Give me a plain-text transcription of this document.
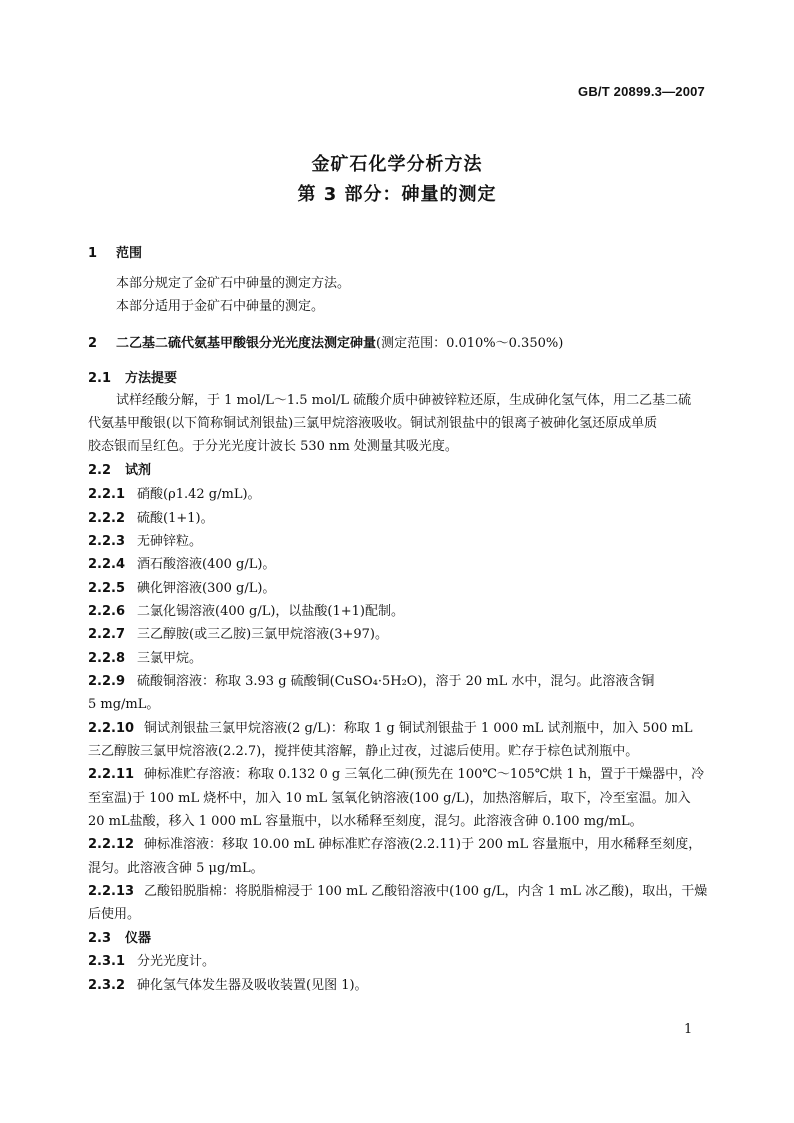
GB/T 20899.3—2007
金矿石化学分析方法
第 3 部分：砷量的测定
1 范围
本部分规定了金矿石中砷量的测定方法。
本部分适用于金矿石中砷量的测定。
2 二乙基二硫代氨基甲酸银分光光度法测定砷量(测定范围：0.010%～0.350%)
2.1 方法提要
试样经酸分解，于 1 mol/L～1.5 mol/L 硫酸介质中砷被锌粒还原，生成砷化氢气体，用二乙基二硫
代氨基甲酸银(以下简称铜试剂银盐)三氯甲烷溶液吸收。铜试剂银盐中的银离子被砷化氢还原成单质
胶态银而呈红色。于分光光度计波长 530 nm 处测量其吸光度。
2.2 试剂
2.2.1 硝酸(ρ1.42 g/mL)。
2.2.2 硫酸(1+1)。
2.2.3 无砷锌粒。
2.2.4 酒石酸溶液(400 g/L)。
2.2.5 碘化钾溶液(300 g/L)。
2.2.6 二氯化锡溶液(400 g/L)，以盐酸(1+1)配制。
2.2.7 三乙醇胺(或三乙胺)三氯甲烷溶液(3+97)。
2.2.8 三氯甲烷。
2.2.9 硫酸铜溶液：称取 3.93 g 硫酸铜(CuSO₄·5H₂O)，溶于 20 mL 水中，混匀。此溶液含铜
5 mg/mL。
2.2.10 铜试剂银盐三氯甲烷溶液(2 g/L)：称取 1 g 铜试剂银盐于 1 000 mL 试剂瓶中，加入 500 mL
三乙醇胺三氯甲烷溶液(2.2.7)，搅拌使其溶解，静止过夜，过滤后使用。贮存于棕色试剂瓶中。
2.2.11 砷标准贮存溶液：称取 0.132 0 g 三氧化二砷(预先在 100℃～105℃烘 1 h，置于干燥器中，冷
至室温)于 100 mL 烧杯中，加入 10 mL 氢氧化钠溶液(100 g/L)，加热溶解后，取下，冷至室温。加入
20 mL盐酸，移入 1 000 mL 容量瓶中，以水稀释至刻度，混匀。此溶液含砷 0.100 mg/mL。
2.2.12 砷标准溶液：移取 10.00 mL 砷标准贮存溶液(2.2.11)于 200 mL 容量瓶中，用水稀释至刻度，
混匀。此溶液含砷 5 μg/mL。
2.2.13 乙酸铅脱脂棉：将脱脂棉浸于 100 mL 乙酸铅溶液中(100 g/L，内含 1 mL 冰乙酸)，取出，干燥
后使用。
2.3 仪器
2.3.1 分光光度计。
2.3.2 砷化氢气体发生器及吸收装置(见图 1)。
1
